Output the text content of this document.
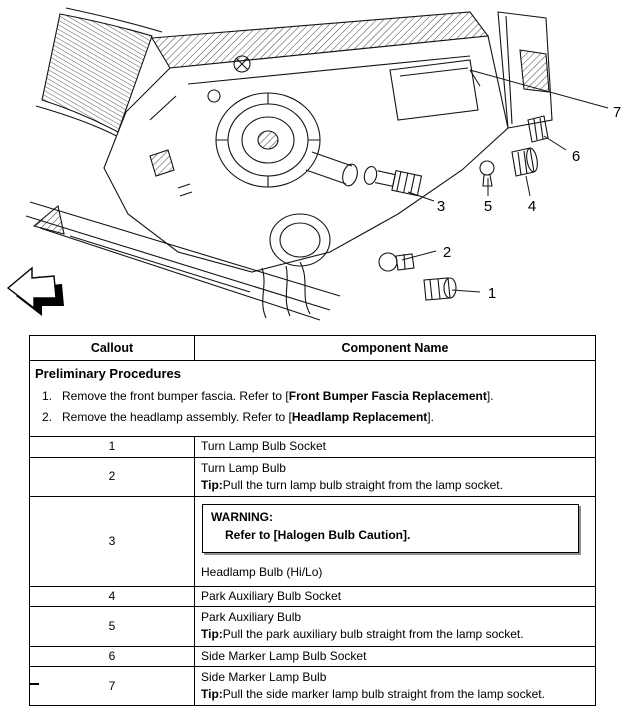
1
2
3	4
5
6
7
Callout	Component Name

Preliminary Procedures
1. Remove the front bumper fascia. Refer to [Front Bumper Fascia Replacement].
2. Remove the headlamp assembly. Refer to [Headlamp Replacement].	

1	Turn Lamp Bulb Socket
2	Turn Lamp Bulb
Tip:Pull the turn lamp bulb straight from the lamp socket.

3	WARNING:
Refer to [Halogen Bulb Caution].
Headlamp Bulb (Hi/Lo)

4	Park Auxiliary Bulb Socket
5	Park Auxiliary Bulb
Tip:Pull the park auxiliary bulb straight from the lamp socket.

6	Side Marker Lamp Bulb Socket
7	Side Marker Lamp Bulb
Tip:Pull the side marker lamp bulb straight from the lamp socket.
